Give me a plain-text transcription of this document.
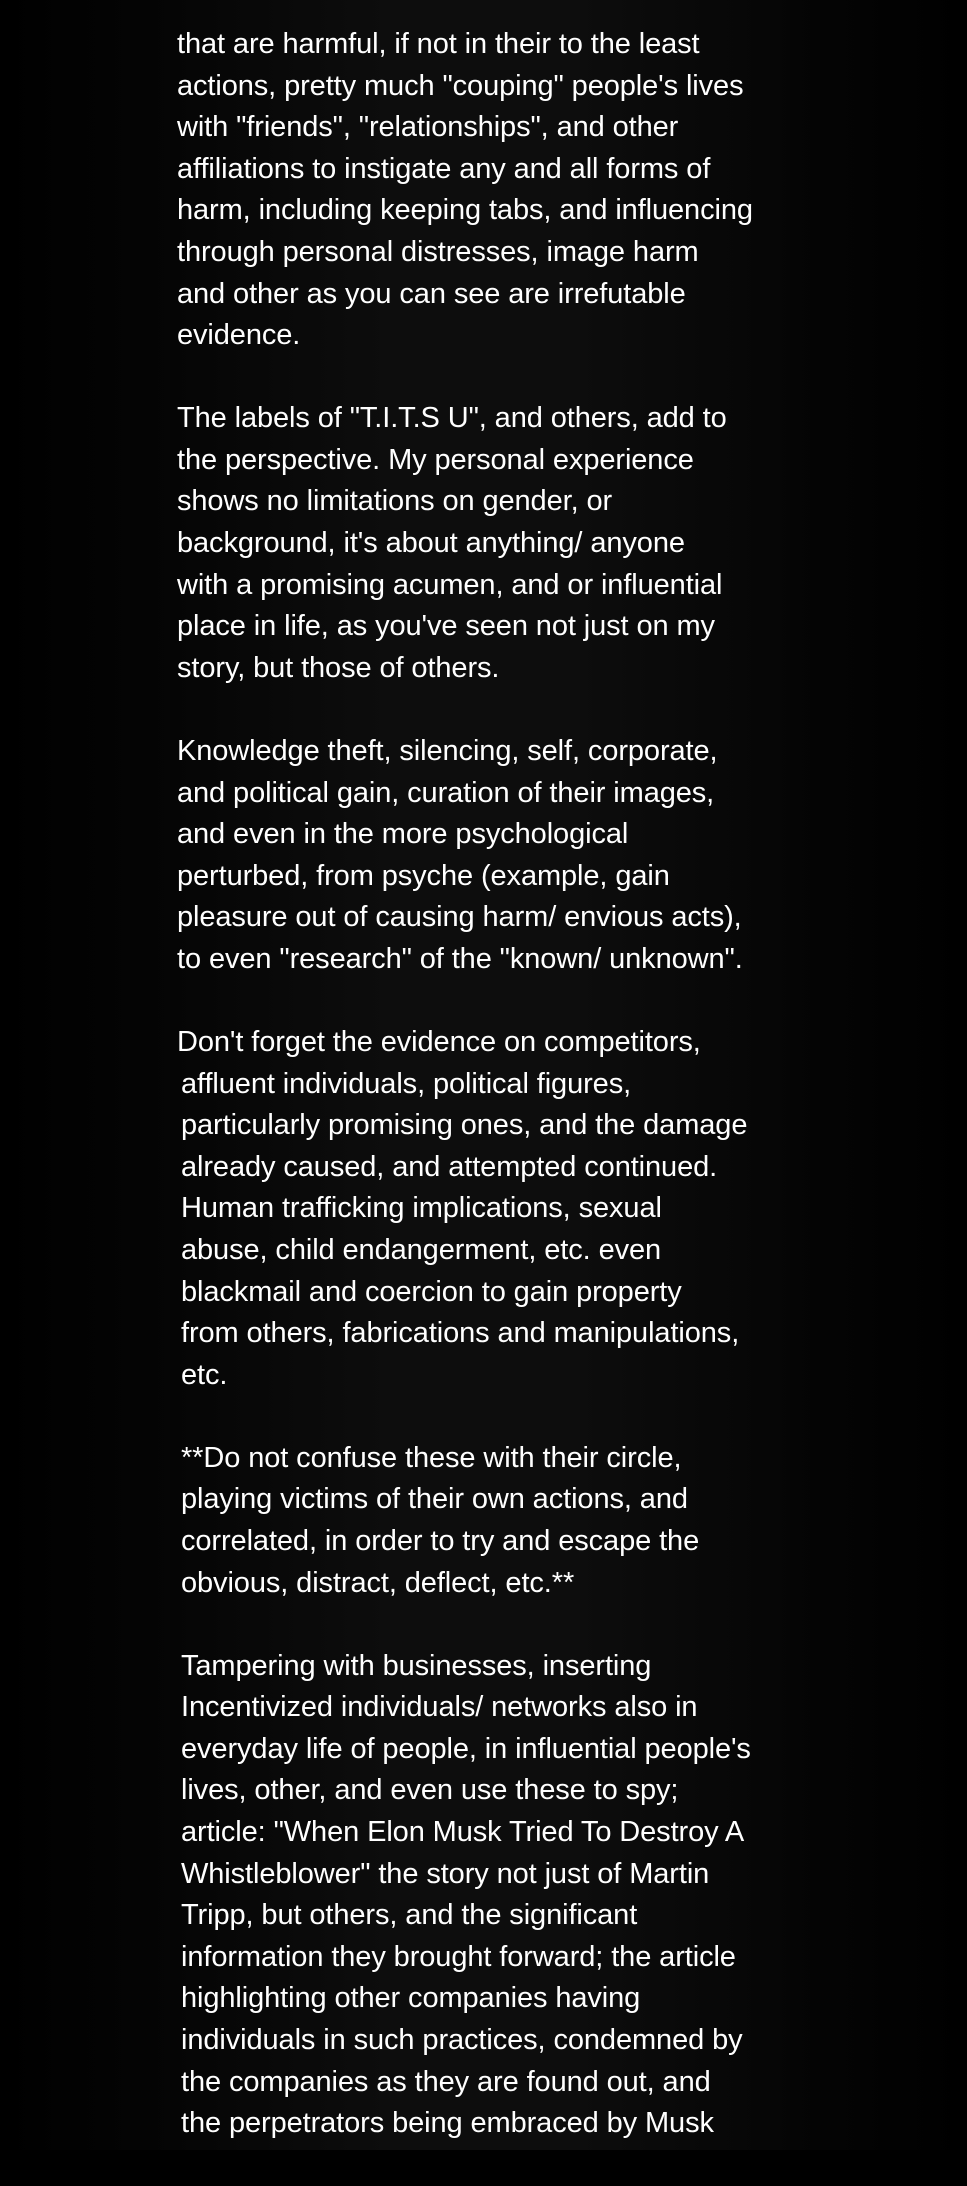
that are harmful, if not in their to the least
actions, pretty much "couping" people's lives
with "friends", "relationships", and other
affiliations to instigate any and all forms of
harm, including keeping tabs, and influencing
through personal distresses, image harm
and other as you can see are irrefutable
evidence.

The labels of "T.I.T.S U", and others, add to
the perspective. My personal experience
shows no limitations on gender, or
background, it's about anything/ anyone
with a promising acumen, and or influential
place in life, as you've seen not just on my
story, but those of others.

Knowledge theft, silencing, self, corporate,
and political gain, curation of their images,
and even in the more psychological
perturbed, from psyche (example, gain
pleasure out of causing harm/ envious acts),
to even "research" of the "known/ unknown".

Don't forget the evidence on competitors,
affluent individuals, political figures,
particularly promising ones, and the damage
already caused, and attempted continued.
Human trafficking implications, sexual
abuse, child endangerment, etc. even
blackmail and coercion to gain property
from others, fabrications and manipulations,
etc.

**Do not confuse these with their circle,
playing victims of their own actions, and
correlated, in order to try and escape the
obvious, distract, deflect, etc.**

Tampering with businesses, inserting
Incentivized individuals/ networks also in
everyday life of people, in influential people's
lives, other, and even use these to spy;
article: "When Elon Musk Tried To Destroy A
Whistleblower" the story not just of Martin
Tripp, but others, and the significant
information they brought forward; the article
highlighting other companies having
individuals in such practices, condemned by
the companies as they are found out, and
the perpetrators being embraced by Musk
